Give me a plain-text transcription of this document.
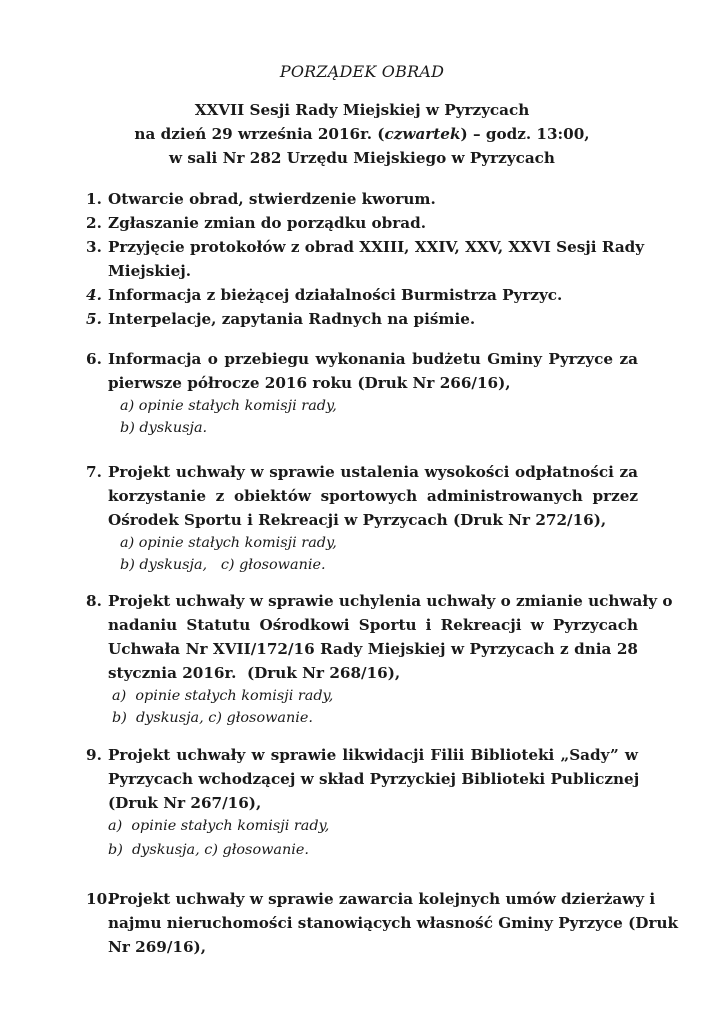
PORZĄDEK OBRAD
XXVII Sesji Rady Miejskiej w Pyrzycach
na dzień 29 września 2016r. (czwartek) – godz. 13:00,
w sali Nr 282 Urzędu Miejskiego w Pyrzycach
1. Otwarcie obrad, stwierdzenie kworum.
2. Zgłaszanie zmian do porządku obrad.
3. Przyjęcie protokołów z obrad XXIII, XXIV, XXV, XXVI Sesji Rady
Miejskiej.
4. Informacja z bieżącej działalności Burmistrza Pyrzyc.
5. Interpelacje, zapytania Radnych na piśmie.
6. Informacja o przebiegu wykonania budżetu Gminy Pyrzyce za
pierwsze półrocze 2016 roku (Druk Nr 266/16),
a) opinie stałych komisji rady,
b) dyskusja.
7. Projekt uchwały w sprawie ustalenia wysokości odpłatności za
korzystanie z obiektów sportowych administrowanych przez
Ośrodek Sportu i Rekreacji w Pyrzycach (Druk Nr 272/16),
a) opinie stałych komisji rady,
b) dyskusja,   c) głosowanie.
8. Projekt uchwały w sprawie uchylenia uchwały o zmianie uchwały o
nadaniu Statutu Ośrodkowi Sportu i Rekreacji w Pyrzycach
Uchwała Nr XVII/172/16 Rady Miejskiej w Pyrzycach z dnia 28
stycznia 2016r.  (Druk Nr 268/16),
a)  opinie stałych komisji rady,
b)  dyskusja, c) głosowanie.
9. Projekt uchwały w sprawie likwidacji Filii Biblioteki „Sady” w
Pyrzycach wchodzącej w skład Pyrzyckiej Biblioteki Publicznej
(Druk Nr 267/16),
a)  opinie stałych komisji rady,
b)  dyskusja, c) głosowanie.
10.
Projekt uchwały w sprawie zawarcia kolejnych umów dzierżawy i
najmu nieruchomości stanowiących własność Gminy Pyrzyce (Druk
Nr 269/16),
